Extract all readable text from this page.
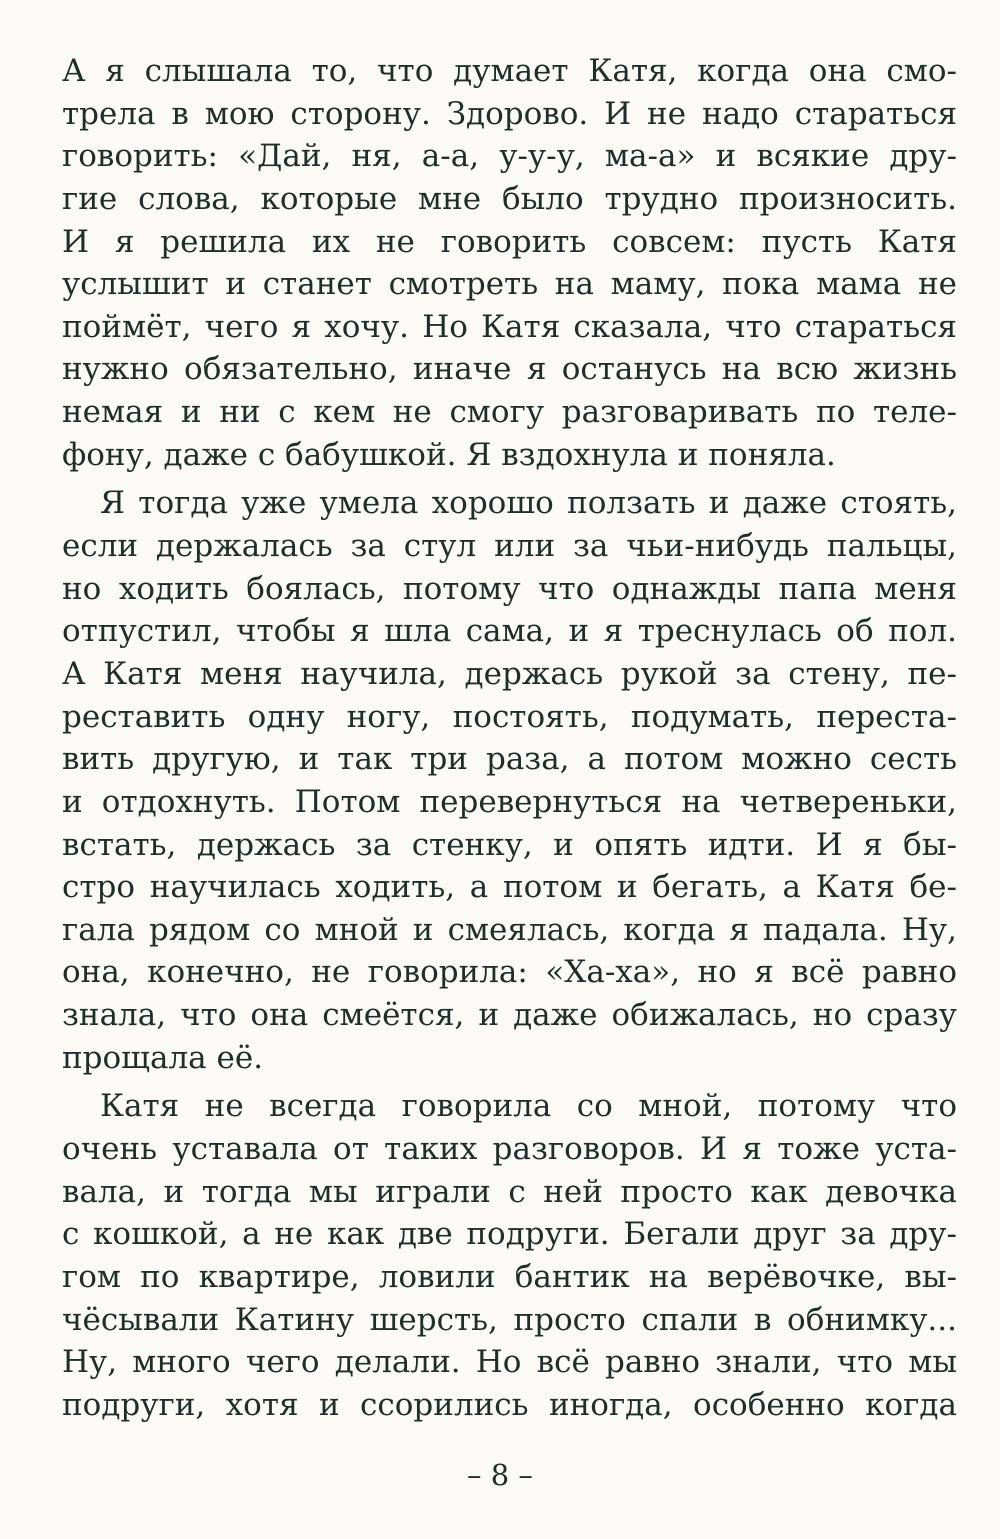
А я слышала то, что думает Катя, когда она смо-
трела в мою сторону. Здорово. И не надо стараться
говорить: «Дай, ня, а-а, у-у-у, ма-а» и всякие дру-
гие слова, которые мне было трудно произносить.
И я решила их не говорить совсем: пусть Катя
услышит и станет смотреть на маму, пока мама не
поймёт, чего я хочу. Но Катя сказала, что стараться
нужно обязательно, иначе я останусь на всю жизнь
немая и ни с кем не смогу разговаривать по теле-
фону, даже с бабушкой. Я вздохнула и поняла.
Я тогда уже умела хорошо ползать и даже стоять,
если держалась за стул или за чьи-нибудь пальцы,
но ходить боялась, потому что однажды папа меня
отпустил, чтобы я шла сама, и я треснулась об пол.
А Катя меня научила, держась рукой за стену, пе-
реставить одну ногу, постоять, подумать, переста-
вить другую, и так три раза, а потом можно сесть
и отдохнуть. Потом перевернуться на четвереньки,
встать, держась за стенку, и опять идти. И я бы-
стро научилась ходить, а потом и бегать, а Катя бе-
гала рядом со мной и смеялась, когда я падала. Ну,
она, конечно, не говорила: «Ха-ха», но я всё равно
знала, что она смеётся, и даже обижалась, но сразу
прощала её.
Катя не всегда говорила со мной, потому что
очень уставала от таких разговоров. И я тоже уста-
вала, и тогда мы играли с ней просто как девочка
с кошкой, а не как две подруги. Бегали друг за дру-
гом по квартире, ловили бантик на верёвочке, вы-
чёсывали Катину шерсть, просто спали в обнимку...
Ну, много чего делали. Но всё равно знали, что мы
подруги, хотя и ссорились иногда, особенно когда
– 8 –
